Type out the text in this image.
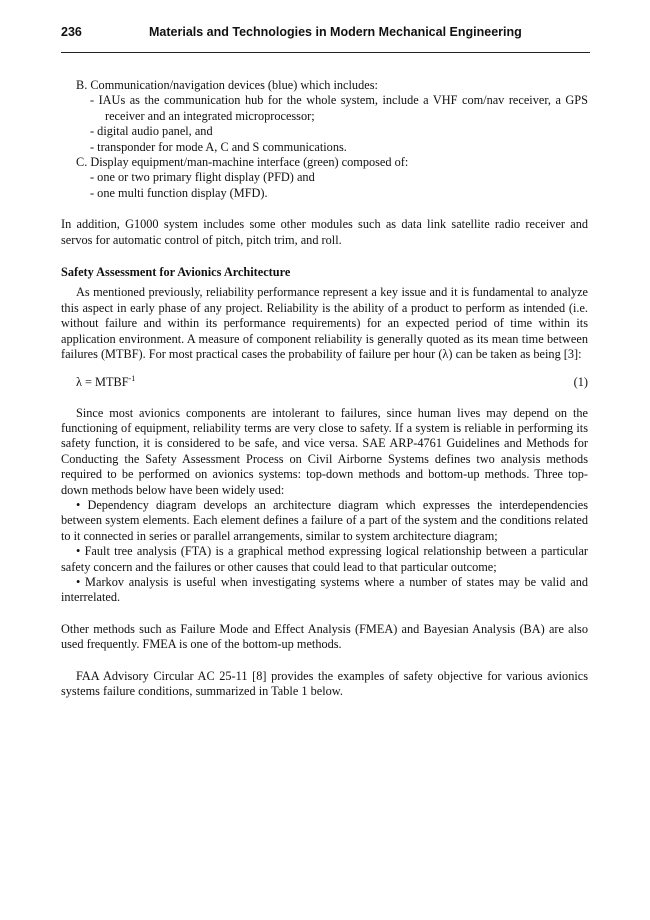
236	Materials and Technologies in Modern Mechanical Engineering

B. Communication/navigation devices (blue) which includes:

- IAUs as the communication hub for the whole system, include a VHF com/nav receiver, a GPS receiver and an integrated microprocessor;

- digital audio panel, and

- transponder for mode A, C and S communications.

C. Display equipment/man-machine interface (green) composed of:

- one or two primary flight display (PFD) and

- one multi function display (MFD).

In addition, G1000 system includes some other modules such as data link satellite radio receiver and servos for automatic control of pitch, pitch trim, and roll.

Safety Assessment for Avionics Architecture

As mentioned previously, reliability performance represent a key issue and it is fundamental to analyze this aspect in early phase of any project. Reliability is the ability of a product to perform as intended (i.e. without failure and within its performance requirements) for an expected period of time within its application environment. A measure of component reliability is generally quoted as its mean time between failures (MTBF). For most practical cases the probability of failure per hour (λ) can be taken as being [3]:

$\lambda = MTBF^{-1}$	(1)

Since most avionics components are intolerant to failures, since human lives may depend on the functioning of equipment, reliability terms are very close to safety. If a system is reliable in performing its safety function, it is considered to be safe, and vice versa. SAE ARP-4761 Guidelines and Methods for Conducting the Safety Assessment Process on Civil Airborne Systems defines two analysis methods required to be performed on avionics systems: top-down methods and bottom-up methods. Three top-down methods below have been widely used:

• Dependency diagram develops an architecture diagram which expresses the interdependencies between system elements. Each element defines a failure of a part of the system and the conditions related to it connected in series or parallel arrangements, similar to system architecture diagram;

• Fault tree analysis (FTA) is a graphical method expressing logical relationship between a particular safety concern and the failures or other causes that could lead to that particular outcome;

• Markov analysis is useful when investigating systems where a number of states may be valid and interrelated.

Other methods such as Failure Mode and Effect Analysis (FMEA) and Bayesian Analysis (BA) are also used frequently. FMEA is one of the bottom-up methods.

FAA Advisory Circular AC 25-11 [8] provides the examples of safety objective for various avionics systems failure conditions, summarized in Table 1 below.
